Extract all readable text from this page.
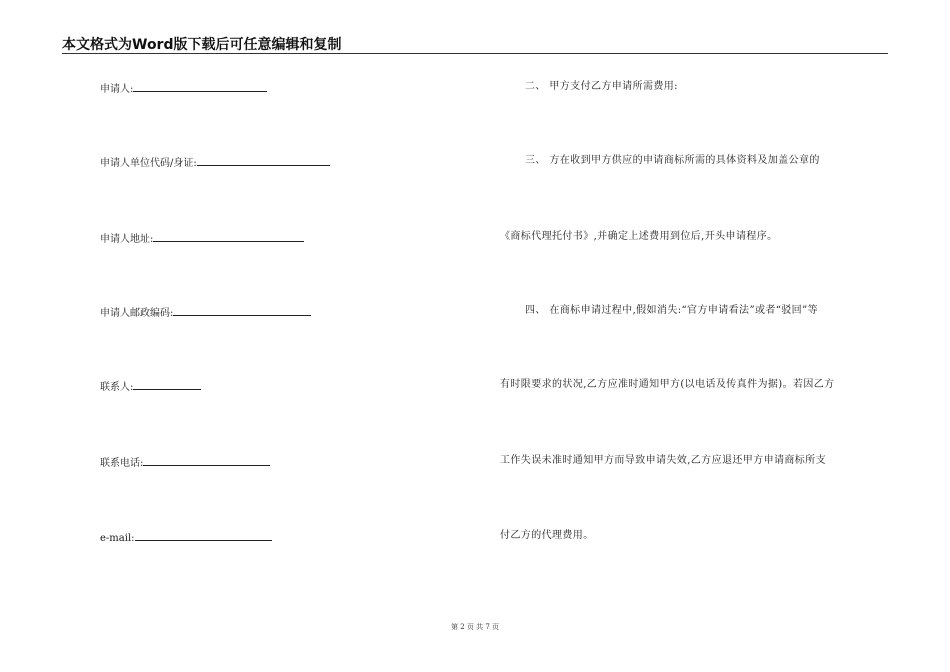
本文格式为Word版下载后可任意编辑和复制
申请人:
申请人单位代码/身证:
申请人地址:
申请人邮政编码:
联系人:
联系电话:
e-mail:
二、 甲方支付乙方申请所需费用:
三、 方在收到甲方供应的申请商标所需的具体资料及加盖公章的
《商标代理托付书》,并确定上述费用到位后,开头申请程序。
四、 在商标申请过程中,假如消失:“官方申请看法”或者“驳回”等
有时限要求的状况,乙方应准时通知甲方(以电话及传真件为据)。若因乙方
工作失误未准时通知甲方而导致申请失效,乙方应退还甲方申请商标所支
付乙方的代理费用。
第 2 页 共 7 页
